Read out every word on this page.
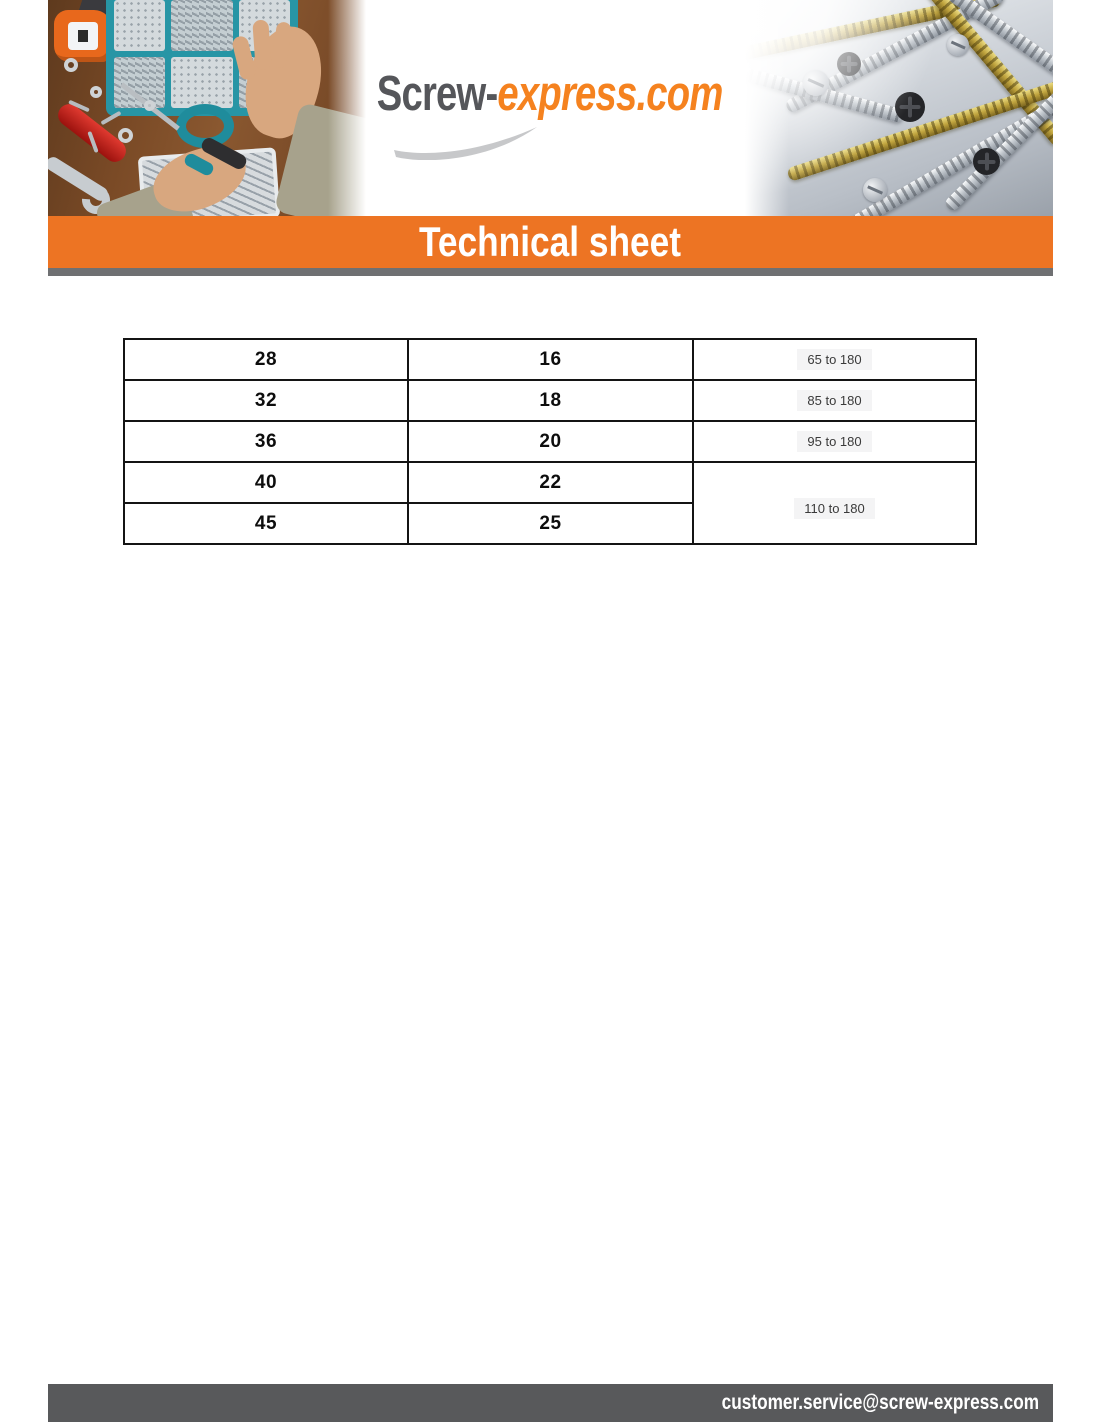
Screw-express.com
Technical sheet
28	16	65 to 180
32	18	85 to 180
36	20	95 to 180
40	22	110 to 180
45	25	
customer.service@screw-express.com
